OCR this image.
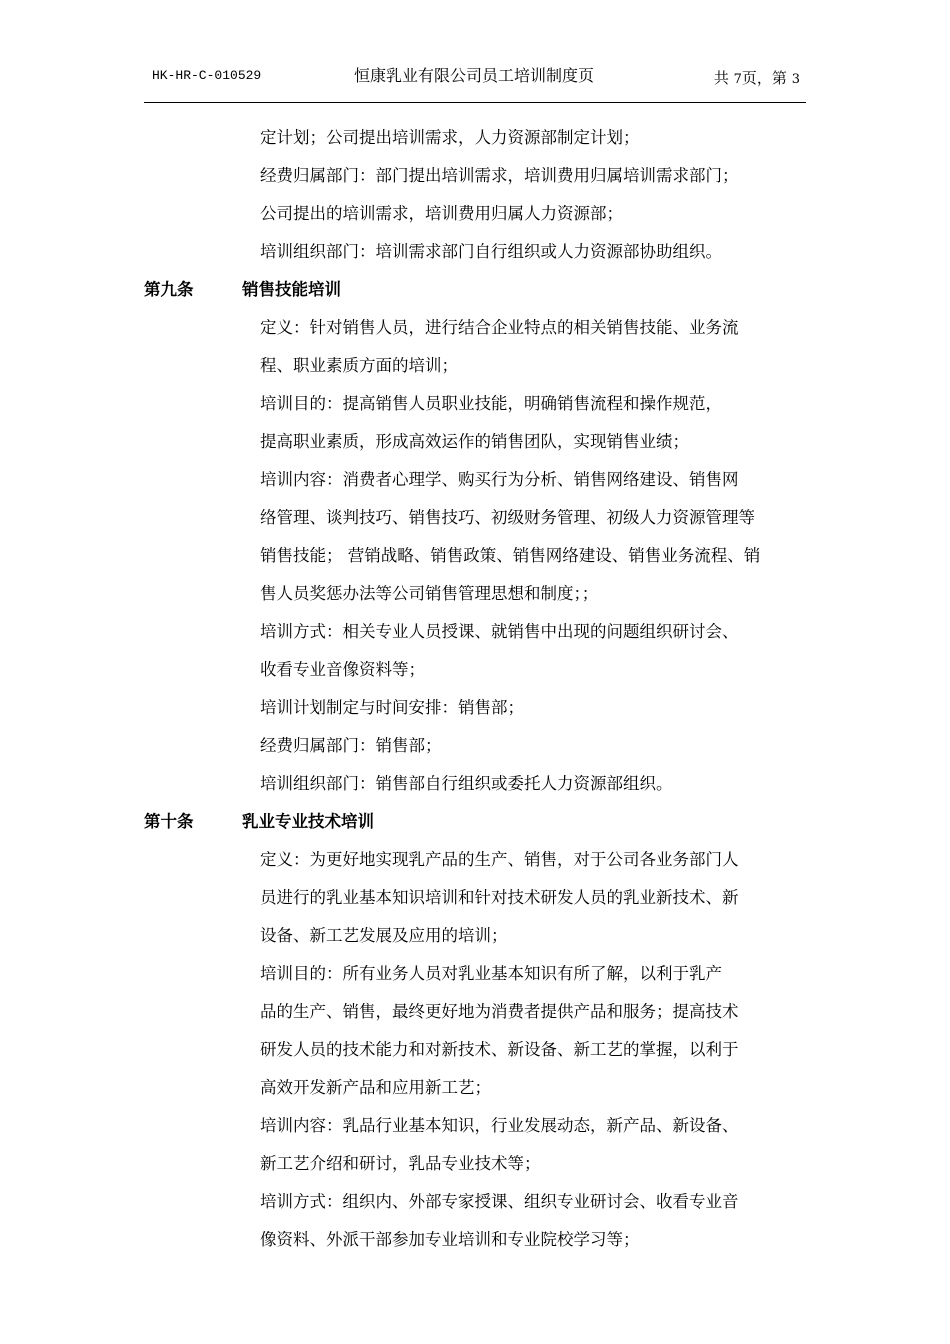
HK-HR-C-010529	恒康乳业有限公司员工培训制度页	共 7页，第 3
定计划；公司提出培训需求，人力资源部制定计划；
经费归属部门：部门提出培训需求，培训费用归属培训需求部门；
公司提出的培训需求，培训费用归属人力资源部；
培训组织部门：培训需求部门自行组织或人力资源部协助组织。
第九条	销售技能培训
定义：针对销售人员，进行结合企业特点的相关销售技能、业务流
程、职业素质方面的培训；
培训目的：提高销售人员职业技能，明确销售流程和操作规范，
提高职业素质，形成高效运作的销售团队，实现销售业绩；
培训内容：消费者心理学、购买行为分析、销售网络建设、销售网
络管理、谈判技巧、销售技巧、初级财务管理、初级人力资源管理等
销售技能； 营销战略、销售政策、销售网络建设、销售业务流程、销
售人员奖惩办法等公司销售管理思想和制度；；
培训方式：相关专业人员授课、就销售中出现的问题组织研讨会、
收看专业音像资料等；
培训计划制定与时间安排：销售部；
经费归属部门：销售部；
培训组织部门：销售部自行组织或委托人力资源部组织。
第十条	乳业专业技术培训
定义：为更好地实现乳产品的生产、销售，对于公司各业务部门人
员进行的乳业基本知识培训和针对技术研发人员的乳业新技术、新
设备、新工艺发展及应用的培训；
培训目的：所有业务人员对乳业基本知识有所了解，以利于乳产
品的生产、销售，最终更好地为消费者提供产品和服务；提高技术
研发人员的技术能力和对新技术、新设备、新工艺的掌握，以利于
高效开发新产品和应用新工艺；
培训内容：乳品行业基本知识，行业发展动态，新产品、新设备、
新工艺介绍和研讨，乳品专业技术等；
培训方式：组织内、外部专家授课、组织专业研讨会、收看专业音
像资料、外派干部参加专业培训和专业院校学习等；
